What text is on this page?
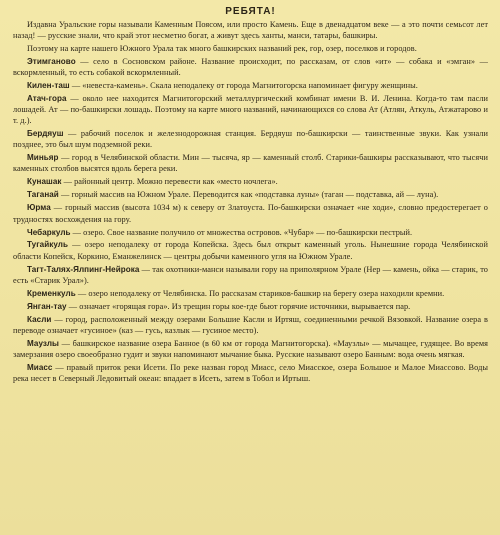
РЕБЯТА!

Издавна Уральские горы называли Каменным Поясом, или просто Камень. Еще в двенадцатом веке — а это почти семьсот лет назад! — русские знали, что край этот несметно богат, а живут здесь ханты, манси, татары, башкиры.

Поэтому на карте нашего Южного Урала так много башкирских названий рек, гор, озер, поселков и городов.

Этимганово — село в Сосновском районе. Название происходит, по рассказам, от слов «ит» — собака и «эмган» — вскормленный, то есть собакой вскормленный.

Килен-таш — «невеста-камень». Скала неподалеку от города Магнитогорска напоминает фигуру женщины.

Атач-гора — около нее находится Магнитогорский металлургический комбинат имени В. И. Ленина. Когда-то там пасли лошадей. Ат — по-башкирски лошадь. Поэтому на карте много названий, начинающихся со слова Ат (Атлян, Аткуль, Атжатарово и т. д.).

Бердяуш — рабочий поселок и железнодорожная станция. Бердяуш по-башкирски — таинственные звуки. Как узнали позднее, это был шум подземной реки.

Миньяр — город в Челябинской области. Мин — тысяча, яр — каменный столб. Старики-башкиры рассказывают, что тысячи каменных столбов высятся вдоль берега реки.

Кунашак — районный центр. Можно перевести как «место ночлега».

Таганай — горный массив на Южном Урале. Переводится как «подставка луны» (таган — подставка, ай — луна).

Юрма — горный массив (высота 1034 м) к северу от Златоуста. По-башкирски означает «не ходи», словно предостерегает о трудностях восхождения на гору.

Чебаркуль — озеро. Свое название получило от множества островов. «Чубар» — по-башкирски пестрый.

Тугайкуль — озеро неподалеку от города Копейска. Здесь был открыт каменный уголь. Нынешние города Челябинской области Копейск, Коркино, Еманжелинск — центры добычи каменного угля на Южном Урале.

Тагт-Талях-Ялпинг-Нейрока — так охотники-манси называли гору на приполярном Урале (Нер — камень, ойка — старик, то есть «Старик Урал»).

Кременкуль — озеро неподалеку от Челябинска. По рассказам стариков-башкир на берегу озера находили кремни.

Янган-тау — означает «горящая гора». Из трещин горы кое-где бьют горячие источники, вырывается пар.

Касли — город, расположенный между озерами Большие Касли и Иртяш, соединенными речкой Вязовкой. Название озера в переводе означает «гусиное» (каз — гусь, казлык — гусиное место).

Маузлы — башкирское название озера Банное (в 60 км от города Магнитогорска). «Маузлы» — мычащее, гудящее. Во время замерзания озеро своеобразно гудит и звуки напоминают мычание быка. Русские называют озеро Банным: вода очень мягкая.

Миасс — правый приток реки Исети. По реке назван город Миасс, село Миасское, озера Большое и Малое Миассово. Воды река несет в Северный Ледовитый океан: впадает в Исеть, затем в Тобол и Иртыш.
